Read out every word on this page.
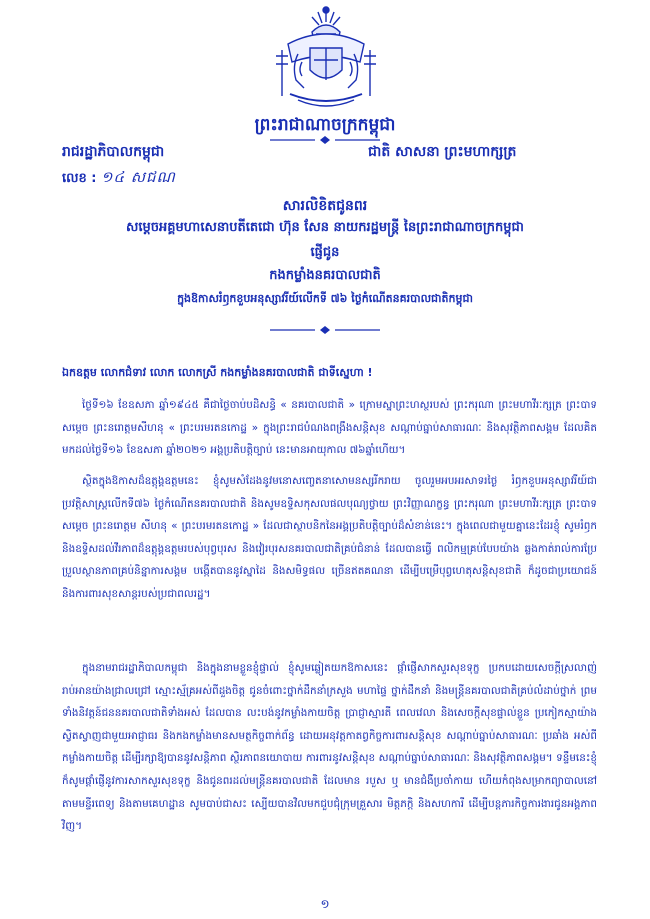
ព្រះរាជាណាចក្រកម្ពុជា
រាជរដ្ឋាភិបាលកម្ពុជា	ជាតិ សាសនា ព្រះមហាក្សត្រ
លេខ : ១៤ សជណ
សារលិខិតជូនពរ
សម្ដេចអគ្គមហាសេនាបតីតេជោ ហ៊ុន សែន នាយករដ្ឋមន្ត្រី នៃព្រះរាជាណាចក្រកម្ពុជា
ផ្ញើជូន
កងកម្លាំងនគរបាលជាតិ
ក្នុងឱកាសរំឭកខួបអនុស្សាវរីយ៍លើកទី ៧៦ ថ្ងៃកំណើតនគរបាលជាតិកម្ពុជា
ឯកឧត្តម លោកជំទាវ លោក លោកស្រី កងកម្លាំងនគរបាលជាតិ ជាទីស្នេហា !
ថ្ងៃទី១៦ ខែឧសភា ឆ្នាំ១៩៤៥ គឺជាថ្ងៃចាប់បដិសន្ធិ « នគរបាលជាតិ » ក្រោមស្នាព្រះហស្ថរបស់ ព្រះករុណា ព្រះមហាវីរៈក្សត្រ ព្រះបាទសម្ដេច ព្រះនរោត្តមសីហនុ « ព្រះបរមរតនកោដ្ឋ » ក្នុងព្រះរាជបំណងពង្រឹងសន្តិសុខ សណ្ដាប់ធ្នាប់សាធារណៈ និងសុវត្ថិភាពសង្គម ដែលគិតមកដល់ថ្ងៃទី១៦ ខែឧសភា ឆ្នាំ២០២១ អង្គប្រតិបត្តិច្បាប់ នេះមានអាយុកាល ៧៦ឆ្នាំហើយ។
ស្ថិតក្នុងឱកាសដ៏ឧត្ដុង្គឧត្តមនេះ ខ្ញុំសូមសំដែងនូវមនោសញ្ចេតនាសោមនស្សរីករាយ ចូលរួមអបអរសាទរថ្ងៃ រំឭកខួបអនុស្សាវរីយ៍ជាប្រវត្តិសាស្ត្រលើកទី៧៦ ថ្ងៃកំណើតនគរបាលជាតិ និងសូមឧទ្ទិសកុសលផលបុណ្យថ្វាយ ព្រះវិញ្ញាណក្ខន្ធ ព្រះករុណា ព្រះមហាវីរៈក្សត្រ ព្រះបាទសម្ដេច ព្រះនរោត្តម សីហនុ « ព្រះបរមរតនកោដ្ឋ » ដែលជាស្ថាបនិកនៃអង្គប្រតិបត្តិច្បាប់ដ៏សំខាន់នេះ។ ក្នុងពេលជាមួយគ្នានេះដែរខ្ញុំ សូមរំឭក និងឧទ្ទិសដល់វីរភាពដ៏ឧត្ដុង្គឧត្តមរបស់បុព្វបុរស និងវៀរបុរសនគរបាលជាតិគ្រប់ជំនាន់ ដែលបានធ្វើ ពលិកម្មគ្រប់បែបយ៉ាង ឆ្លងកាត់រាល់ការប្រែប្រួលស្ថានភាពគ្រប់និន្នាការសង្គម បង្កើតបាននូវស្នាដៃ និងសមិទ្ធផល ច្រើនឥតគណនា ដើម្បីបម្រើបុព្វហេតុសន្តិសុខជាតិ ក៏ដូចជាប្រយោជន៍ និងការពារសុខសាន្តរបស់ប្រជាពលរដ្ឋ។
ក្នុងនាមរាជរដ្ឋាភិបាលកម្ពុជា និងក្នុងនាមខ្លួនខ្ញុំផ្ទាល់ ខ្ញុំសូមឆ្លៀតយកឱកាសនេះ ផ្ដាំផ្ញើសាកសួរសុខទុក្ខ ប្រកបដោយសេចក្ដីស្រលាញ់រាប់អានយ៉ាងជ្រាលជ្រៅ ស្មោះស្ម័គ្រអស់ពីដួងចិត្ត ជូនចំពោះថ្នាក់ដឹកនាំក្រសួង មហាផ្ទៃ ថ្នាក់ដឹកនាំ និងមន្ត្រីនគរបាលជាតិគ្រប់លំដាប់ថ្នាក់ ព្រមទាំងនិវត្តន៍ជននគរបាលជាតិទាំងអស់ ដែលបាន លះបង់នូវកម្លាំងកាយចិត្ត ប្រាជ្ញាស្មារតី ពេលវេលា និងសេចក្ដីសុខផ្ទាល់ខ្លួន ប្រកៀកស្មាយ៉ាងស្វិតស្វាញជាមួយអាជ្ញាធរ និងកងកម្លាំងមានសមត្ថកិច្ចពាក់ព័ន្ធ ដោយអនុវត្តកាតព្វកិច្ចការពារសន្តិសុខ សណ្ដាប់ធ្នាប់សាធារណៈ ប្រឆាំង អស់ពីកម្លាំងកាយចិត្ត ដើម្បីរក្សាឱ្យបាននូវសន្តិភាព ស្ថិរភាពនយោបាយ ការពារនូវសន្តិសុខ សណ្ដាប់ធ្នាប់សាធារណៈ និងសុវត្ថិភាពសង្គម។ ទន្ទឹមនេះខ្ញុំក៏សូមផ្ដាំផ្ញើនូវការសាកសួរសុខទុក្ខ និងជូនពរដល់មន្ត្រីនគរបាលជាតិ ដែលមាន របួស ឬ មានជំងឺប្រចាំកាយ ហើយកំពុងសម្រាកព្យាបាលនៅតាមមន្ទីរពេទ្យ និងតាមគេហដ្ឋាន សូមបាប់ជាសះ ស្បើយបានវិលមកជួបជុំក្រុមគ្រួសារ មិត្តភក្តិ និងសហការី ដើម្បីបន្តភារកិច្ចការងារជូនអង្គភាពវិញ។
១
